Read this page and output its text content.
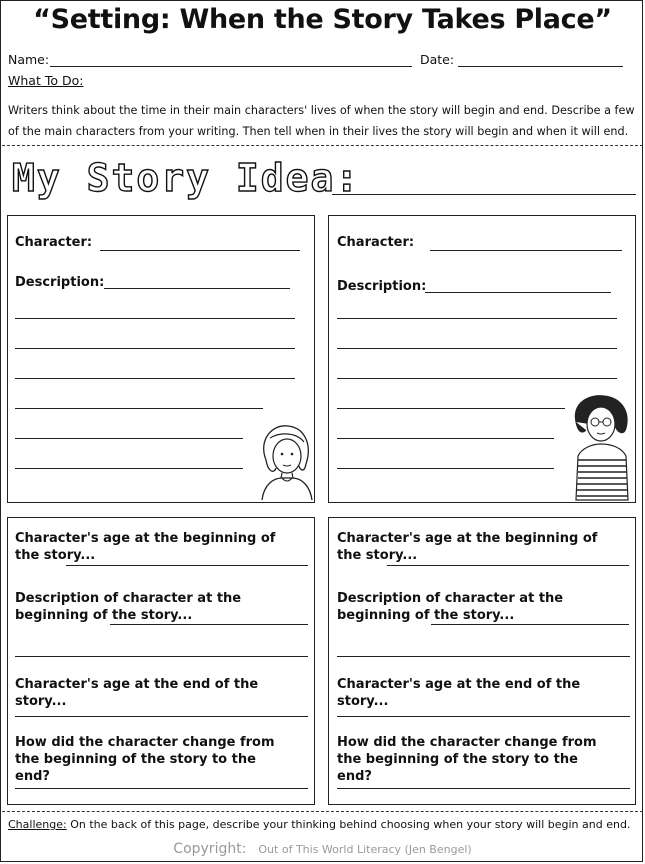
“Setting: When the Story Takes Place”
Name:	Date:
What To Do:
Writers think about the time in their main characters' lives of when the story will begin and end. Describe a few of the main characters from your writing. Then tell when in their lives the story will begin and when it will end.
My Story Idea:
Character:
Description:
Character:
Description:
Character's age at the beginning of the story...
Description of character at the beginning of the story...
Character's age at the end of the story...
How did the character change from the beginning of the story to the end?
Character's age at the beginning of the story...
Description of character at the beginning of the story...
Character's age at the end of the story...
How did the character change from the beginning of the story to the end?
Challenge: On the back of this page, describe your thinking behind choosing when your story will begin and end.
Copyright: Out of This World Literacy (Jen Bengel)
